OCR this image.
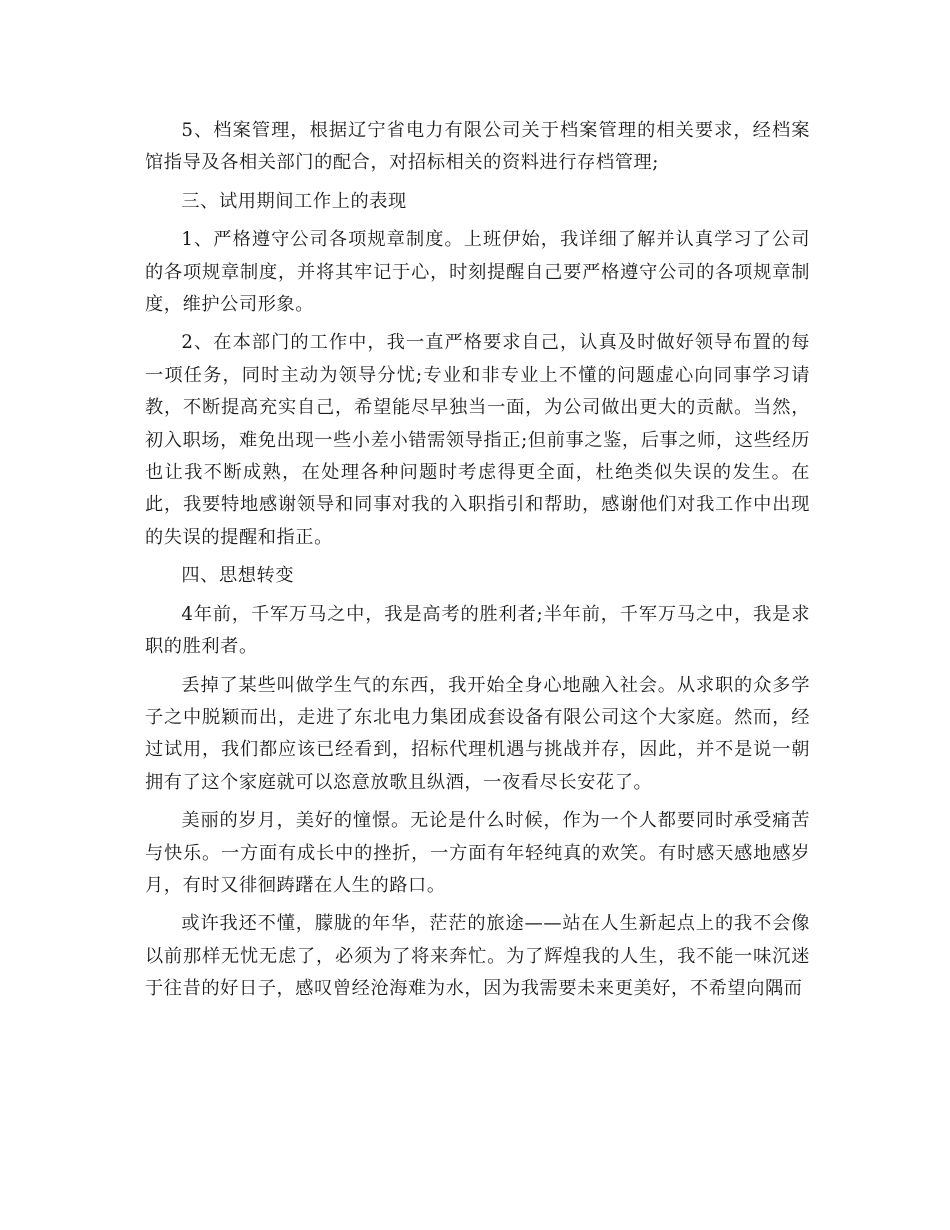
5、档案管理，根据辽宁省电力有限公司关于档案管理的相关要求，经档案馆指导及各相关部门的配合，对招标相关的资料进行存档管理;

三、试用期间工作上的表现

1、严格遵守公司各项规章制度。上班伊始，我详细了解并认真学习了公司的各项规章制度，并将其牢记于心，时刻提醒自己要严格遵守公司的各项规章制度，维护公司形象。

2、在本部门的工作中，我一直严格要求自己，认真及时做好领导布置的每一项任务，同时主动为领导分忧;专业和非专业上不懂的问题虚心向同事学习请教，不断提高充实自己，希望能尽早独当一面，为公司做出更大的贡献。当然，初入职场，难免出现一些小差小错需领导指正;但前事之鉴，后事之师，这些经历也让我不断成熟，在处理各种问题时考虑得更全面，杜绝类似失误的发生。在此，我要特地感谢领导和同事对我的入职指引和帮助，感谢他们对我工作中出现的失误的提醒和指正。

四、思想转变

4年前，千军万马之中，我是高考的胜利者;半年前，千军万马之中，我是求职的胜利者。

丢掉了某些叫做学生气的东西，我开始全身心地融入社会。从求职的众多学子之中脱颖而出，走进了东北电力集团成套设备有限公司这个大家庭。然而，经过试用，我们都应该已经看到，招标代理机遇与挑战并存，因此，并不是说一朝拥有了这个家庭就可以恣意放歌且纵酒，一夜看尽长安花了。

美丽的岁月，美好的憧憬。无论是什么时候，作为一个人都要同时承受痛苦与快乐。一方面有成长中的挫折，一方面有年轻纯真的欢笑。有时感天感地感岁月，有时又徘徊踌躇在人生的路口。

或许我还不懂，朦胧的年华，茫茫的旅途——站在人生新起点上的我不会像以前那样无忧无虑了，必须为了将来奔忙。为了辉煌我的人生，我不能一味沉迷于往昔的好日子，感叹曾经沧海难为水，因为我需要未来更美好，不希望向隅而
